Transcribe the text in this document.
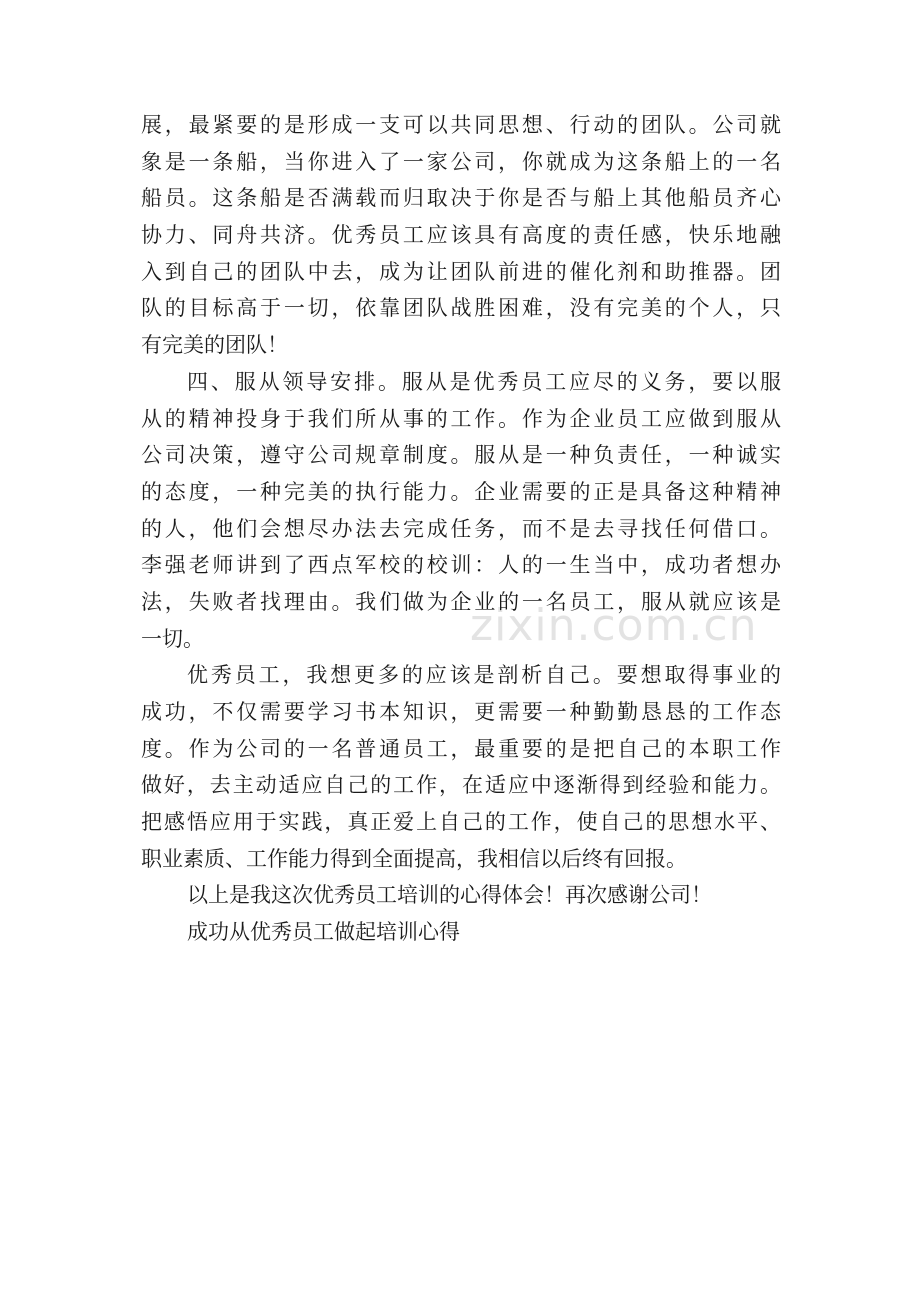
zixin.com.cn
展，最紧要的是形成一支可以共同思想、行动的团队。公司就
象是一条船，当你进入了一家公司，你就成为这条船上的一名
船员。这条船是否满载而归取决于你是否与船上其他船员齐心
协力、同舟共济。优秀员工应该具有高度的责任感，快乐地融
入到自己的团队中去，成为让团队前进的催化剂和助推器。团
队的目标高于一切，依靠团队战胜困难，没有完美的个人，只
有完美的团队！
四、服从领导安排。服从是优秀员工应尽的义务，要以服
从的精神投身于我们所从事的工作。作为企业员工应做到服从
公司决策，遵守公司规章制度。服从是一种负责任，一种诚实
的态度，一种完美的执行能力。企业需要的正是具备这种精神
的人，他们会想尽办法去完成任务，而不是去寻找任何借口。
李强老师讲到了西点军校的校训：人的一生当中，成功者想办
法，失败者找理由。我们做为企业的一名员工，服从就应该是
一切。
优秀员工，我想更多的应该是剖析自己。要想取得事业的
成功，不仅需要学习书本知识，更需要一种勤勤恳恳的工作态
度。作为公司的一名普通员工，最重要的是把自己的本职工作
做好，去主动适应自己的工作，在适应中逐渐得到经验和能力。
把感悟应用于实践，真正爱上自己的工作，使自己的思想水平、
职业素质、工作能力得到全面提高，我相信以后终有回报。
以上是我这次优秀员工培训的心得体会！再次感谢公司！
成功从优秀员工做起培训心得
